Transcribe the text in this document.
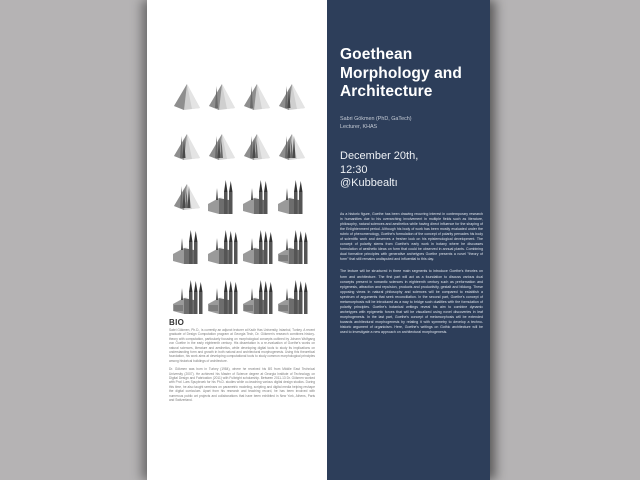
BIO

Sabri Gökmen, Ph.D., is currently an adjunct lecturer at Kadir Has University, Istanbul, Turkey. A recent graduate of Design Computation program at Georgia Tech, Dr. Gökmen's research combines history-theory with computation, particularly focusing on morphological concepts outlined by Johann Wolfgang von Goethe in the early eighteenth century. His dissertation is a re-evaluation of Goethe's works on natural sciences, literature and aesthetics, while developing digital tools to study its implications on understanding form and growth in both natural and architectural morphogenesis. Using this theoretical foundation, his work aims at developing computational tools to study common morphological principles among historical buildings of architecture.

Dr. Gökmen was born in Turkey (1984), where he received his BS from Middle East Technical University (2007). He achieved his Master of Science degree at Georgia Institute of Technology on Digital Design and Fabrication (2011) with Fulbright scholarship. Between 2011-13 Dr. Gökmen worked with Prof. Lars Spuybroek for his Ph.D. studies while co-teaching various digital design studios. During this time, he also taught seminars on parametric modeling, scripting and digital media helping reshape the digital curriculum. Apart from his research and teaching record, he has been involved with numerous public art projects and collaborations that have been exhibited in New York, Athens, Paris and Switzerland.

Goethean
Morphology and
Architecture
Sabri Gökmen (PhD, GaTech)
Lecturer, KHAS
December 20th,
12:30
@Kubbealtı

As a historic figure, Goethe has been drawing recurring interest in contemporary research in humanities due to his overarching involvement in multiple fields such as literature, philosophy, natural sciences and aesthetics while having direct influence for the shaping of the Enlightenment period. Although his body of work has been mostly evaluated under the rubric of phenomenology, Goethe's formulation of the concept of polarity pervades his body of scientific work and deserves a fresher look on his epistemological development. The concept of polarity stems from Goethe's early work in botany where he discusses formulation of aesthetic ideas on form that could be observed in annual plants. Combining dual formative principles with generative archetypes Goethe presents a novel "theory of form" that still remains undisputed and influential to this day.

The lecture will be structured in three main segments to introduce Goethe's theories on form and architecture. The first part will act as a foundation to discuss various dual concepts present in romantic sciences in eighteenth century such as preformation and epigenesis, attraction and repulsion, products and productivity, gestalt and bildung. These opposing views in natural philosophy and sciences will be compared to establish a spectrum of arguments that seek reconciliation. In the second part, Goethe's concept of metamorphosis will be introduced as a way to bridge such dualities with the formulation of polarity principles. Goethe's botanical writings reveal his aim to combine dynamic archetypes with epigenetic forces that will be visualized using novel discoveries in leaf morphogenesis. In the last part, Goethe's concept of metamorphosis will be extended towards architectural morphogenesis by relating it with symmetry to develop a techno-historic argument of organicism. Here, Goethe's writings on Gothic architecture will be used to investigate a new approach on architectural morphogenesis.
